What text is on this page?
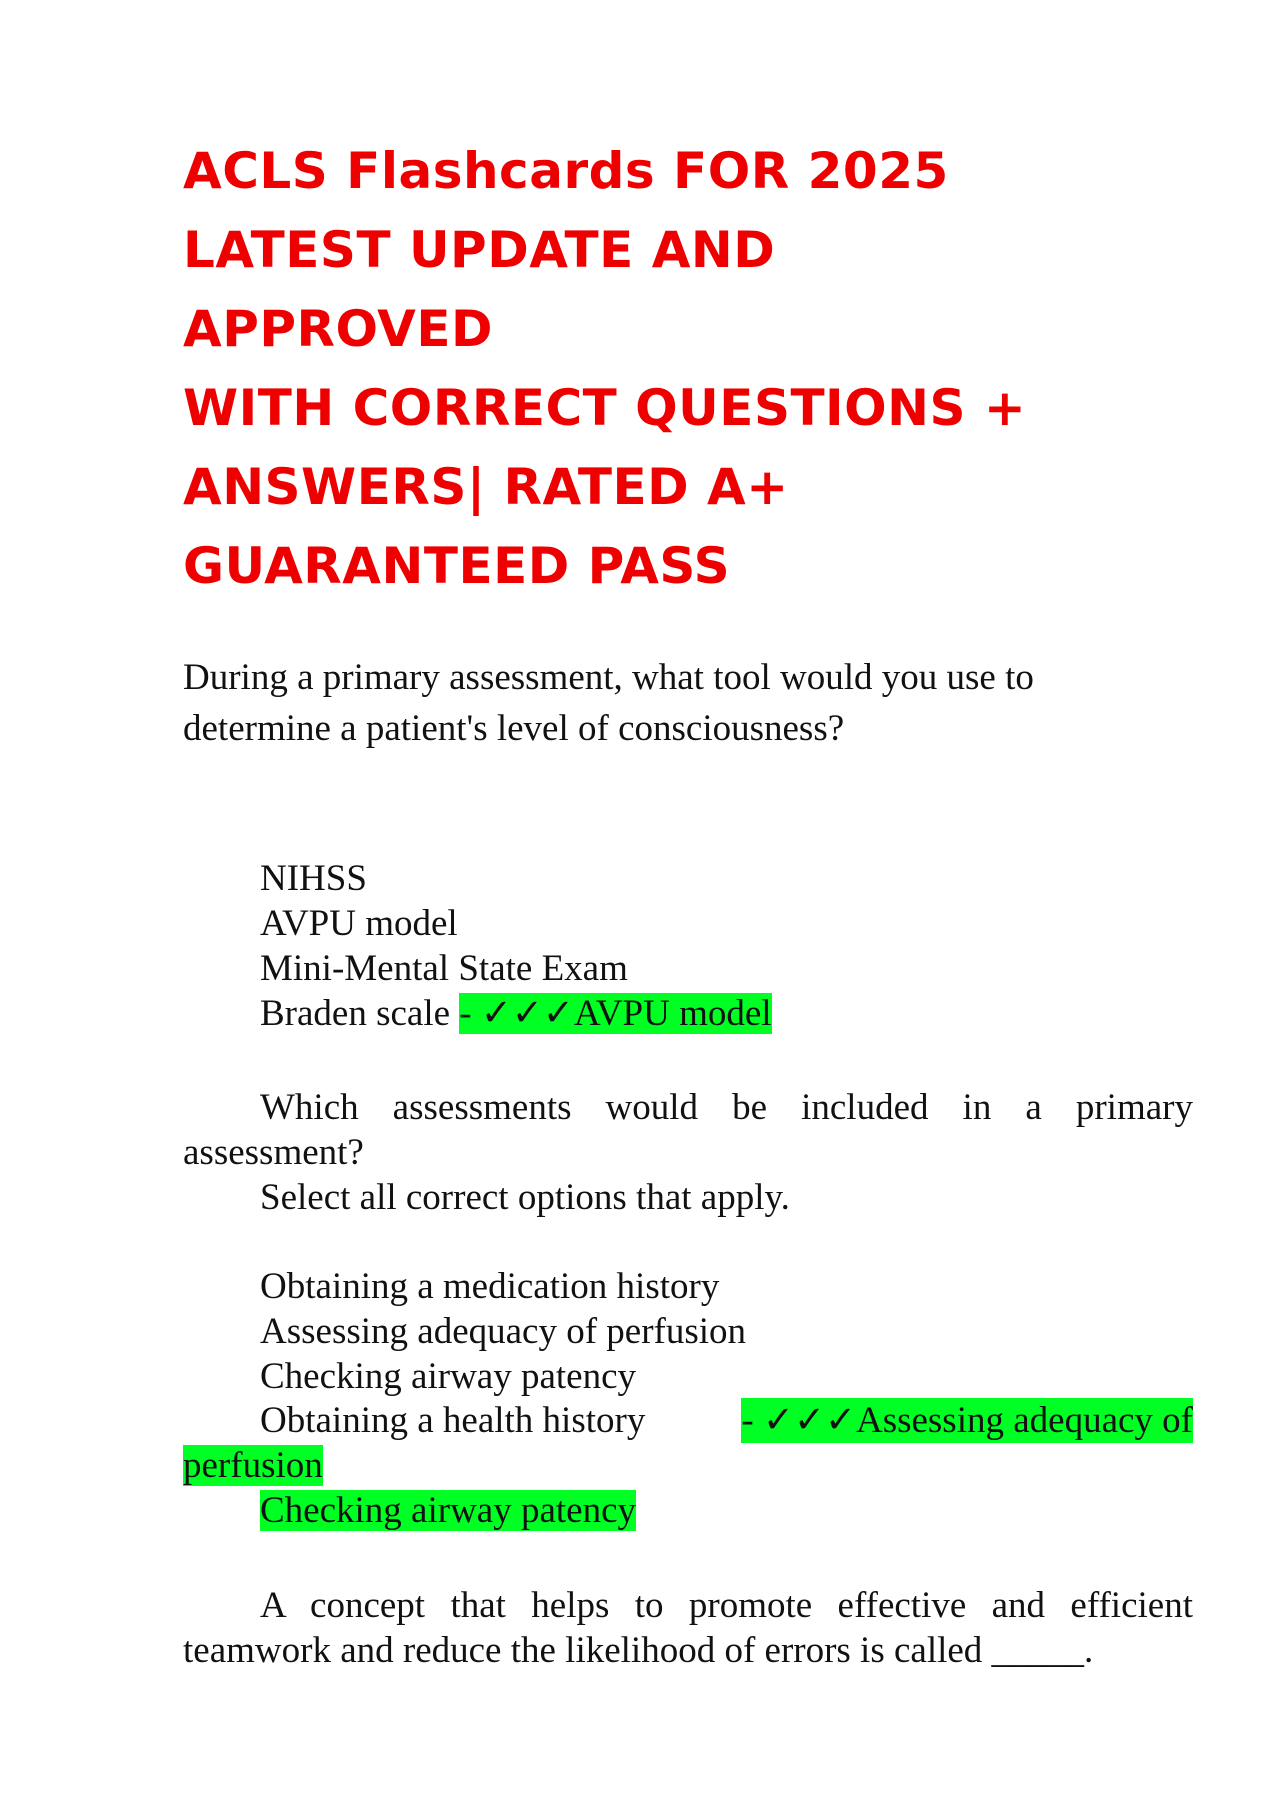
ACLS Flashcards FOR 2025
LATEST UPDATE AND
APPROVED
WITH CORRECT QUESTIONS +
ANSWERS| RATED A+
GUARANTEED PASS
During a primary assessment, what tool would you use to
determine a patient's level of consciousness?
NIHSS
AVPU model
Mini-Mental State Exam
Braden scale - ✓✓✓AVPU model
Which assessments would be included in a primary
assessment?
Select all correct options that apply.
Obtaining a medication history
Assessing adequacy of perfusion
Checking airway patency
Obtaining a health history	- ✓✓✓Assessing adequacy of
perfusion
Checking airway patency
A concept that helps to promote effective and efficient
teamwork and reduce the likelihood of errors is called _____.
